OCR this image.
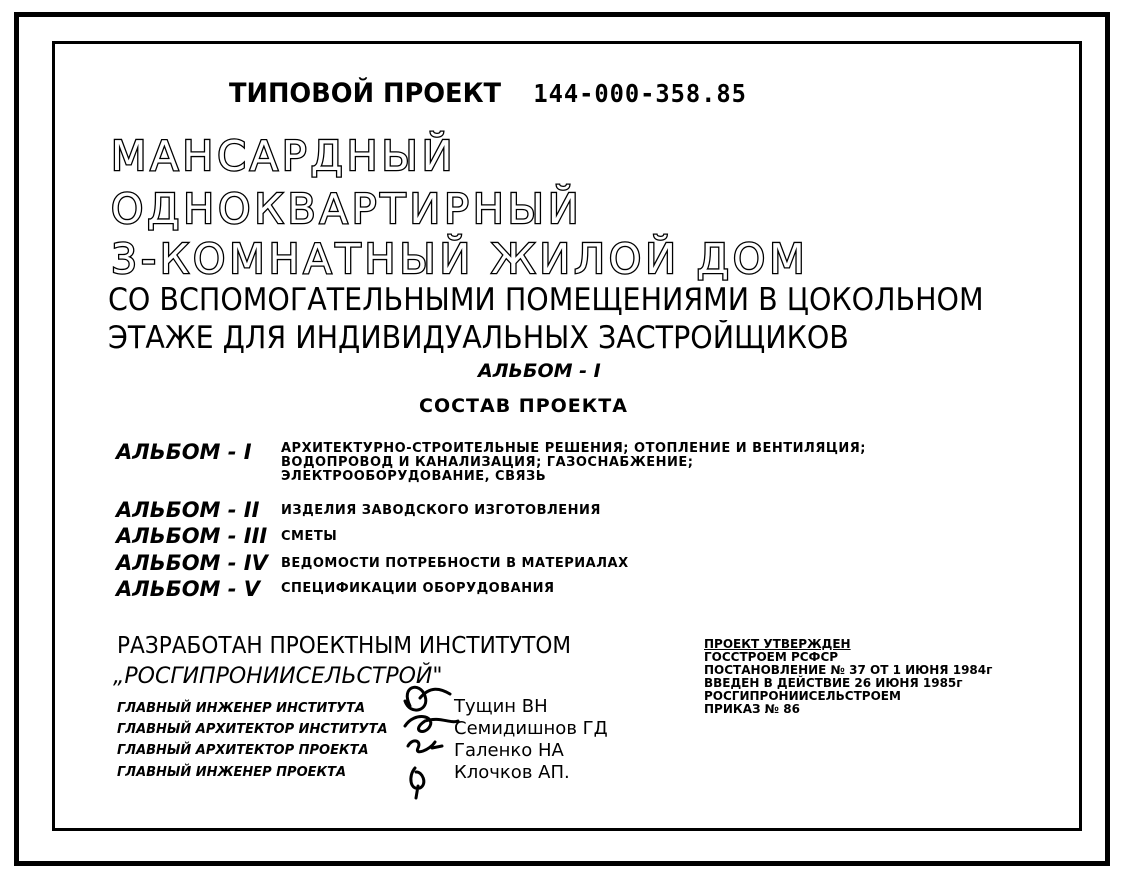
ТИПОВОЙ ПРОЕКТ 144-000-358.85
МАНСАРДНЫЙ
ОДНОКВАРТИРНЫЙ
3-КОМНАТНЫЙ ЖИЛОЙ ДОМ
СО ВСПОМОГАТЕЛЬНЫМИ ПОМЕЩЕНИЯМИ В ЦОКОЛЬНОМ
ЭТАЖЕ ДЛЯ ИНДИВИДУАЛЬНЫХ ЗАСТРОЙЩИКОВ
АЛЬБОМ - I
СОСТАВ ПРОЕКТА
АЛЬБОМ - I АРХИТЕКТУРНО-СТРОИТЕЛЬНЫЕ РЕШЕНИЯ; ОТОПЛЕНИЕ И ВЕНТИЛЯЦИЯ;
ВОДОПРОВОД И КАНАЛИЗАЦИЯ; ГАЗОСНАБЖЕНИЕ;
ЭЛЕКТРООБОРУДОВАНИЕ, СВЯЗЬ
АЛЬБОМ - II ИЗДЕЛИЯ ЗАВОДСКОГО ИЗГОТОВЛЕНИЯ
АЛЬБОМ - III СМЕТЫ
АЛЬБОМ - IV ВЕДОМОСТИ ПОТРЕБНОСТИ В МАТЕРИАЛАХ
АЛЬБОМ - V СПЕЦИФИКАЦИИ ОБОРУДОВАНИЯ
РАЗРАБОТАН ПРОЕКТНЫМ ИНСТИТУТОМ
„РОСГИПРОНИИСЕЛЬСТРОЙ"
ГЛАВНЫЙ ИНЖЕНЕР ИНСТИТУТА	Тущин ВН
ГЛАВНЫЙ АРХИТЕКТОР ИНСТИТУТА	Семидишнов ГД
ГЛАВНЫЙ АРХИТЕКТОР ПРОЕКТА	Галенко НА
ГЛАВНЫЙ ИНЖЕНЕР ПРОЕКТА	Клочков АП.
ПРОЕКТ УТВЕРЖДЕН
ГОССТРОЕМ РСФСР
ПОСТАНОВЛЕНИЕ № 37 ОТ 1 ИЮНЯ 1984г
ВВЕДЕН В ДЕЙСТВИЕ 26 ИЮНЯ 1985г
РОСГИПРОНИИСЕЛЬСТРОЕМ
ПРИКАЗ № 86
